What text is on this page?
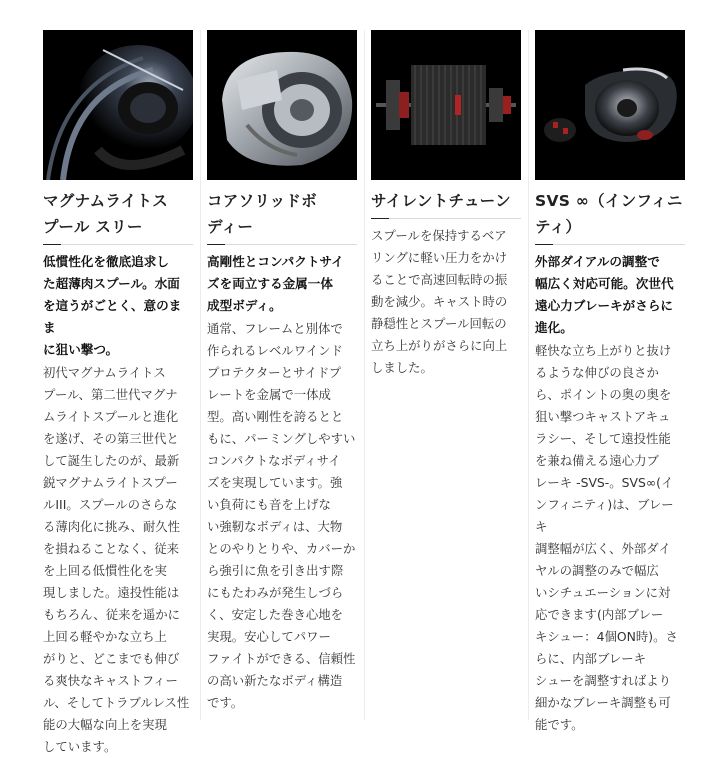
マグナムライトス
プール スリー
低慣性化を徹底追求し
た超薄肉スプール。水面
を這うがごとく、意のまま
に狙い撃つ。
初代マグナムライトス
プール、第二世代マグナ
ムライトスプールと進化
を遂げ、その第三世代と
して誕生したのが、最新
鋭マグナムライトスプー
ルIII。スプールのさらな
る薄肉化に挑み、耐久性
を損ねることなく、従来
を上回る低慣性化を実
現しました。遠投性能は
もちろん、従来を遥かに
上回る軽やかな立ち上
がりと、どこまでも伸び
る爽快なキャストフィー
ル、そしてトラブルレス性
能の大幅な向上を実現
しています。
コアソリッドボ
ディー
高剛性とコンパクトサイ
ズを両立する金属一体
成型ボディ。
通常、フレームと別体で
作られるレベルワインド
プロテクターとサイドプ
レートを金属で一体成
型。高い剛性を誇るとと
もに、パーミングしやすい
コンパクトなボディサイ
ズを実現しています。強
い負荷にも音を上げな
い強靭なボディは、大物
とのやりとりや、カバーか
ら強引に魚を引き出す際
にもたわみが発生しづら
く、安定した巻き心地を
実現。安心してパワー
ファイトができる、信頼性
の高い新たなボディ構造
です。
サイレントチューン
スプールを保持するベア
リングに軽い圧力をかけ
ることで高速回転時の振
動を減少。キャスト時の
静穏性とスプール回転の
立ち上がりがさらに向上
しました。
SVS ∞（インフィニ
ティ）
外部ダイアルの調整で
幅広く対応可能。次世代
遠心力ブレーキがさらに
進化。
軽快な立ち上がりと抜け
るような伸びの良さか
ら、ポイントの奥の奥を
狙い撃つキャストアキュ
ラシー、そして遠投性能
を兼ね備える遠心力ブ
レーキ -SVS-。SVS∞(イ
ンフィニティ)は、ブレーキ
調整幅が広く、外部ダイ
ヤルの調整のみで幅広
いシチュエーションに対
応できます(内部ブレー
キシュー：4個ON時)。さ
らに、内部ブレーキ
シューを調整すればより
細かなブレーキ調整も可
能です。
